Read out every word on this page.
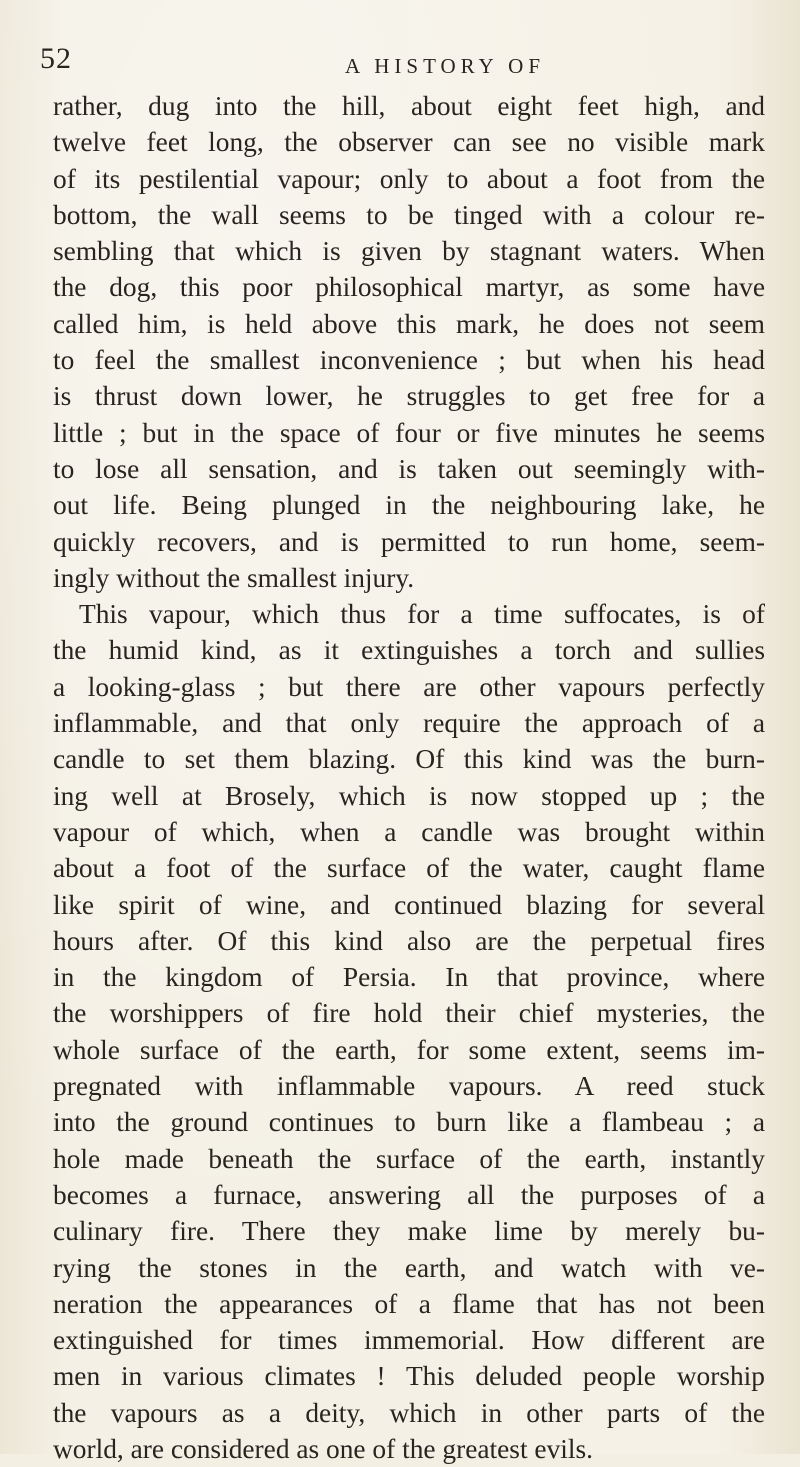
52	A HISTORY OF
rather, dug into the hill, about eight feet high, and
twelve feet long, the observer can see no visible mark
of its pestilential vapour; only to about a foot from the
bottom, the wall seems to be tinged with a colour re-
sembling that which is given by stagnant waters. When
the dog, this poor philosophical martyr, as some have
called him, is held above this mark, he does not seem
to feel the smallest inconvenience ; but when his head
is thrust down lower, he struggles to get free for a
little ; but in the space of four or five minutes he seems
to lose all sensation, and is taken out seemingly with-
out life. Being plunged in the neighbouring lake, he
quickly recovers, and is permitted to run home, seem-
ingly without the smallest injury.
This vapour, which thus for a time suffocates, is of
the humid kind, as it extinguishes a torch and sullies
a looking-glass ; but there are other vapours perfectly
inflammable, and that only require the approach of a
candle to set them blazing. Of this kind was the burn-
ing well at Brosely, which is now stopped up ; the
vapour of which, when a candle was brought within
about a foot of the surface of the water, caught flame
like spirit of wine, and continued blazing for several
hours after. Of this kind also are the perpetual fires
in the kingdom of Persia. In that province, where
the worshippers of fire hold their chief mysteries, the
whole surface of the earth, for some extent, seems im-
pregnated with inflammable vapours. A reed stuck
into the ground continues to burn like a flambeau ; a
hole made beneath the surface of the earth, instantly
becomes a furnace, answering all the purposes of a
culinary fire. There they make lime by merely bu-
rying the stones in the earth, and watch with ve-
neration the appearances of a flame that has not been
extinguished for times immemorial. How different are
men in various climates ! This deluded people worship
the vapours as a deity, which in other parts of the
world, are considered as one of the greatest evils.
